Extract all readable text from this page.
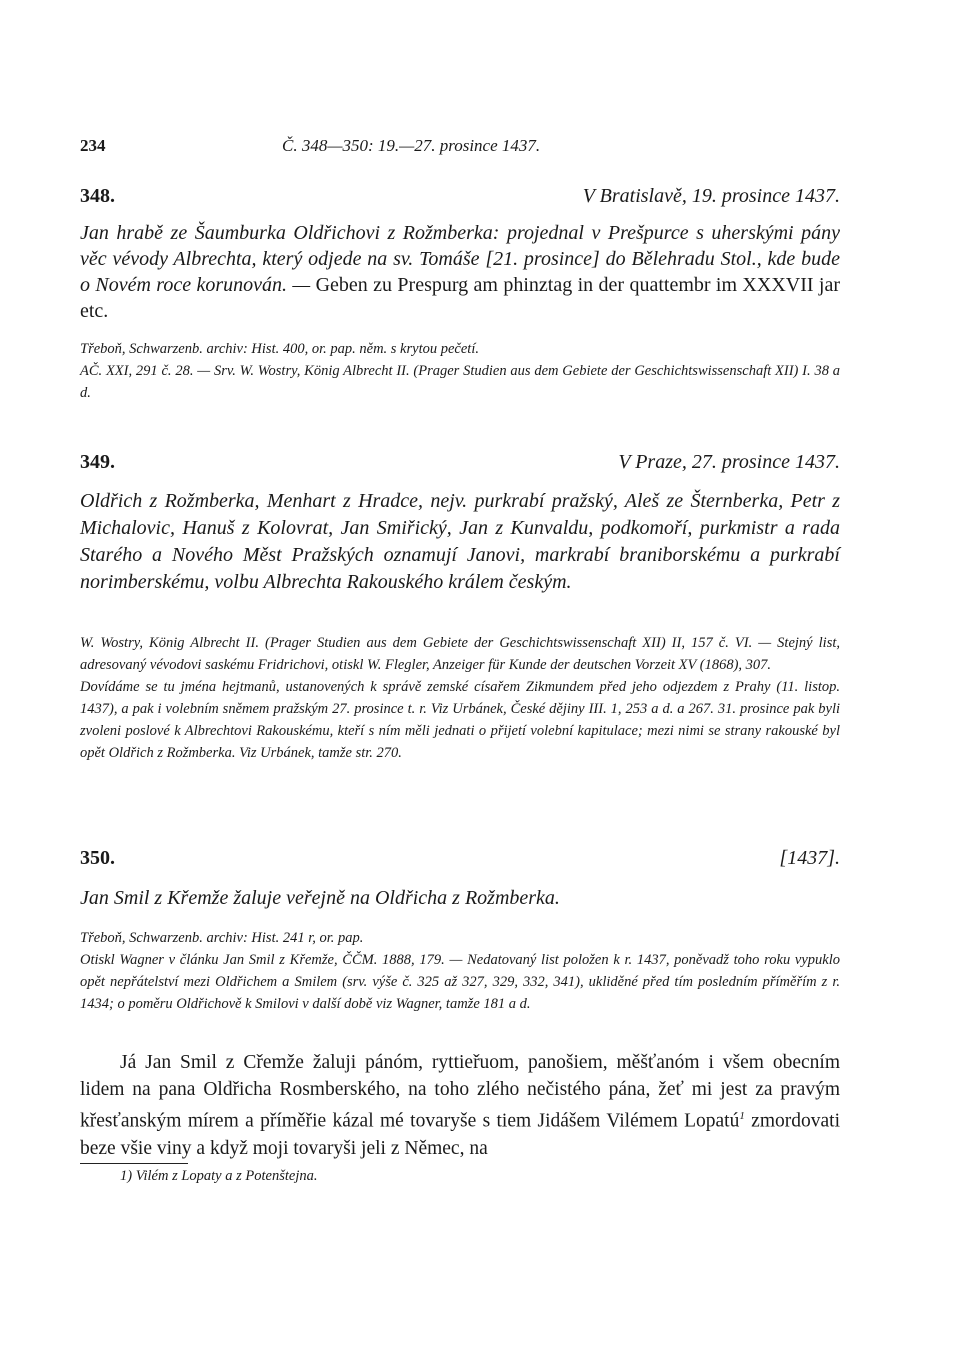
234	Č. 348—350: 19.—27. prosince 1437.
348.	V Bratislavě, 19. prosince 1437.
Jan hrabě ze Šaumburka Oldřichovi z Rožmberka: projednal v Prešpurce s uherskými pány věc vévody Albrechta, který odjede na sv. Tomáše [21. prosince] do Bělehradu Stol., kde bude o Novém roce korunován. — Geben zu Prespurg am phinztag in der quattembr im XXXVII jar etc.

Třeboň, Schwarzenb. archiv: Hist. 400, or. pap. něm. s krytou pečetí.

AČ. XXI, 291 č. 28. — Srv. W. Wostry, König Albrecht II. (Prager Studien aus dem Gebiete der Geschichtswissenschaft XII) I. 38 a d.

349.	V Praze, 27. prosince 1437.
Oldřich z Rožmberka, Menhart z Hradce, nejv. purkrabí pražský, Aleš ze Šternberka, Petr z Michalovic, Hanuš z Kolovrat, Jan Smiřický, Jan z Kunvaldu, podkomoří, purkmistr a rada Starého a Nového Měst Pražských oznamují Janovi, markrabí braniborskému a purkrabí norimberskému, volbu Albrechta Rakouského králem českým.

W. Wostry, König Albrecht II. (Prager Studien aus dem Gebiete der Geschichtswissenschaft XII) II, 157 č. VI. — Stejný list, adresovaný vévodovi saskému Fridrichovi, otiskl W. Flegler, Anzeiger für Kunde der deutschen Vorzeit XV (1868), 307.

Dovídáme se tu jména hejtmanů, ustanovených k správě zemské císařem Zikmundem před jeho odjezdem z Prahy (11. listop. 1437), a pak i volebním sněmem pražským 27. prosince t. r. Viz Urbánek, České dějiny III. 1, 253 a d. a 267. 31. prosince pak byli zvoleni poslové k Albrechtovi Rakouskému, kteří s ním měli jednati o přijetí volební kapitulace; mezi nimi se strany rakouské byl opět Oldřich z Rožmberka. Viz Urbánek, tamže str. 270.

350.	[1437].
Jan Smil z Křemže žaluje veřejně na Oldřicha z Rožmberka.

Třeboň, Schwarzenb. archiv: Hist. 241 r, or. pap.

Otiskl Wagner v článku Jan Smil z Křemže, ČČM. 1888, 179. — Nedatovaný list položen k r. 1437, poněvadž toho roku vypuklo opět nepřátelství mezi Oldřichem a Smilem (srv. výše č. 325 až 327, 329, 332, 341), ukliděné před tím posledním příměřím z r. 1434; o poměru Oldřichově k Smilovi v další době viz Wagner, tamže 181 a d.

Já Jan Smil z Cřemže žaluji pánóm, ryttieřuom, panošiem, měšťanóm i všem obecním lidem na pana Oldřicha Rosmberského, na toho zlého nečistého pána, žeť mi jest za pravým křesťanským mírem a příměřie kázal mé tovaryše s tiem Jidášem Vilémem Lopatú$^1$ zmordovati beze všie viny a když moji tovaryši jeli z Němec, na
1) Vilém z Lopaty a z Potenštejna.
